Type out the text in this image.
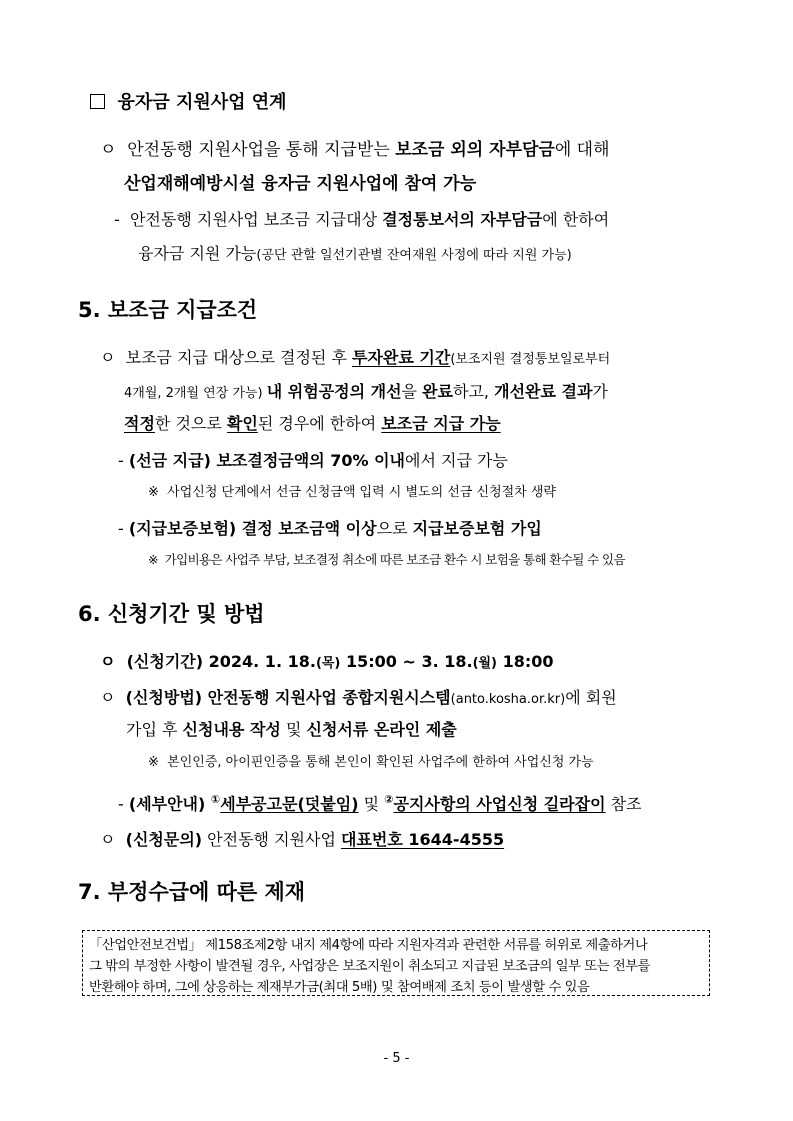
융자금 지원사업 연계
ㅇ 안전동행 지원사업을 통해 지급받는 보조금 외의 자부담금에 대해
산업재해예방시설 융자금 지원사업에 참여 가능
- 안전동행 지원사업 보조금 지급대상 결정통보서의 자부담금에 한하여
융자금 지원 가능(공단 관할 일선기관별 잔여재원 사정에 따라 지원 가능)
5. 보조금 지급조건
ㅇ 보조금 지급 대상으로 결정된 후 투자완료 기간(보조지원 결정통보일로부터
4개월, 2개월 연장 가능) 내 위험공정의 개선을 완료하고, 개선완료 결과가
적정한 것으로 확인된 경우에 한하여 보조금 지급 가능
- (선금 지급) 보조결정금액의 70% 이내에서 지급 가능
※ 사업신청 단계에서 선금 신청금액 입력 시 별도의 선금 신청절차 생략
- (지급보증보험) 결정 보조금액 이상으로 지급보증보험 가입
※ 가입비용은 사업주 부담, 보조결정 취소에 따른 보조금 환수 시 보험을 통해 환수될 수 있음
6. 신청기간 및 방법
ㅇ (신청기간) 2024. 1. 18.(목) 15:00 ~ 3. 18.(월) 18:00
ㅇ (신청방법) 안전동행 지원사업 종합지원시스템(anto.kosha.or.kr)에 회원
가입 후 신청내용 작성 및 신청서류 온라인 제출
※ 본인인증, 아이핀인증을 통해 본인이 확인된 사업주에 한하여 사업신청 가능
- (세부안내) ①세부공고문(덧붙임) 및 ②공지사항의 사업신청 길라잡이 참조
ㅇ (신청문의) 안전동행 지원사업 대표번호 1644-4555
7. 부정수급에 따른 제재
「산업안전보건법」 제158조제2항 내지 제4항에 따라 지원자격과 관련한 서류를 허위로 제출하거나
그 밖의 부정한 사항이 발견될 경우, 사업장은 보조지원이 취소되고 지급된 보조금의 일부 또는 전부를
반환해야 하며, 그에 상응하는 제재부가금(최대 5배) 및 참여배제 조치 등이 발생할 수 있음
- 5 -
